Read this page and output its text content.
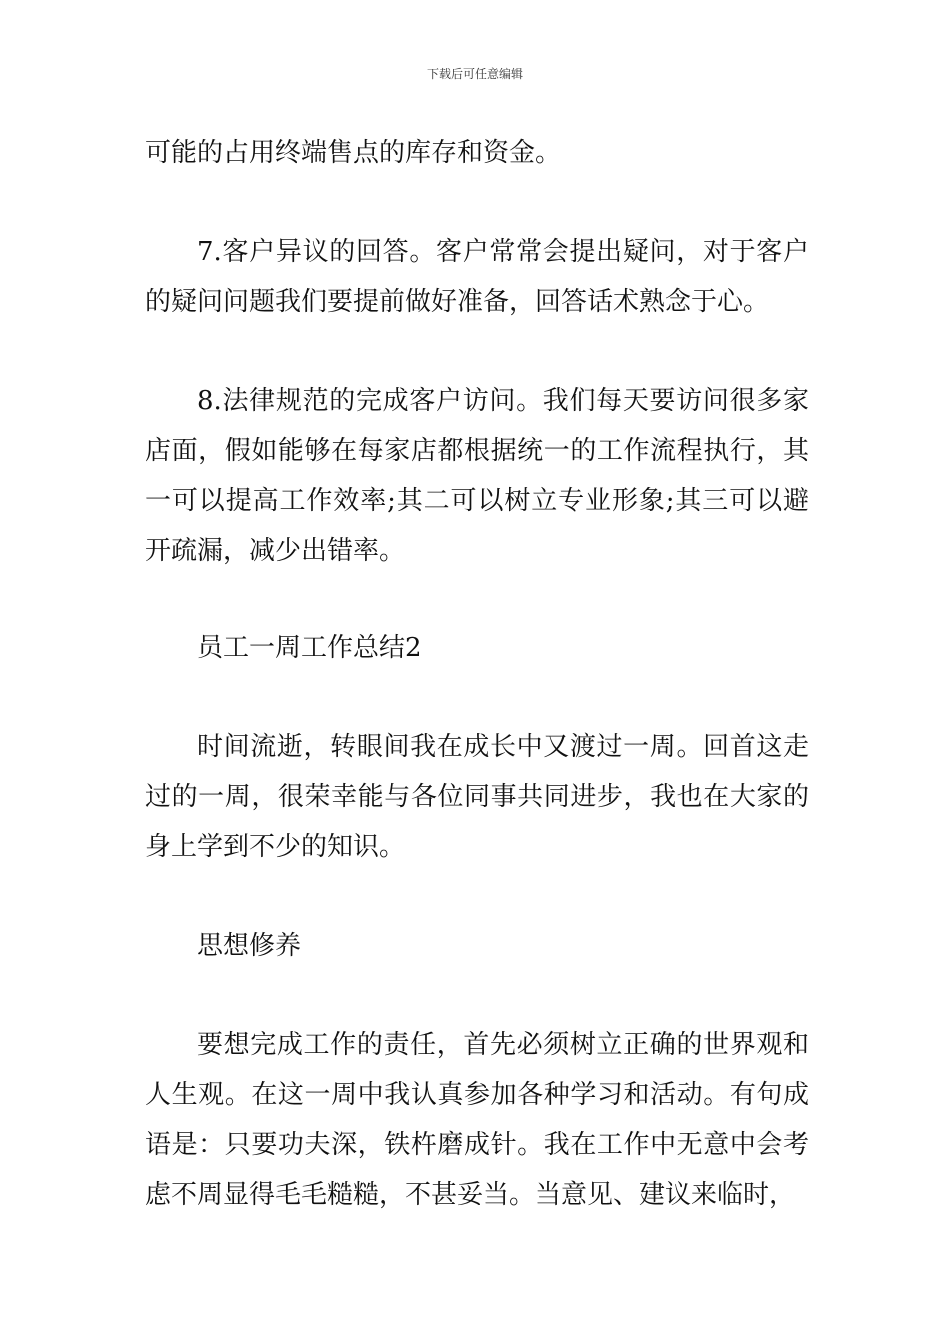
下载后可任意编辑

可能的占用终端售点的库存和资金。

7.客户异议的回答。客户常常会提出疑问，对于客户的疑问问题我们要提前做好准备，回答话术熟念于心。

8.法律规范的完成客户访问。我们每天要访问很多家店面，假如能够在每家店都根据统一的工作流程执行，其一可以提高工作效率;其二可以树立专业形象;其三可以避开疏漏，减少出错率。

员工一周工作总结2

时间流逝，转眼间我在成长中又渡过一周。回首这走过的一周，很荣幸能与各位同事共同进步，我也在大家的身上学到不少的知识。

思想修养

要想完成工作的责任，首先必须树立正确的世界观和人生观。在这一周中我认真参加各种学习和活动。有句成语是：只要功夫深，铁杵磨成针。我在工作中无意中会考虑不周显得毛毛糙糙，不甚妥当。当意见、建议来临时，
